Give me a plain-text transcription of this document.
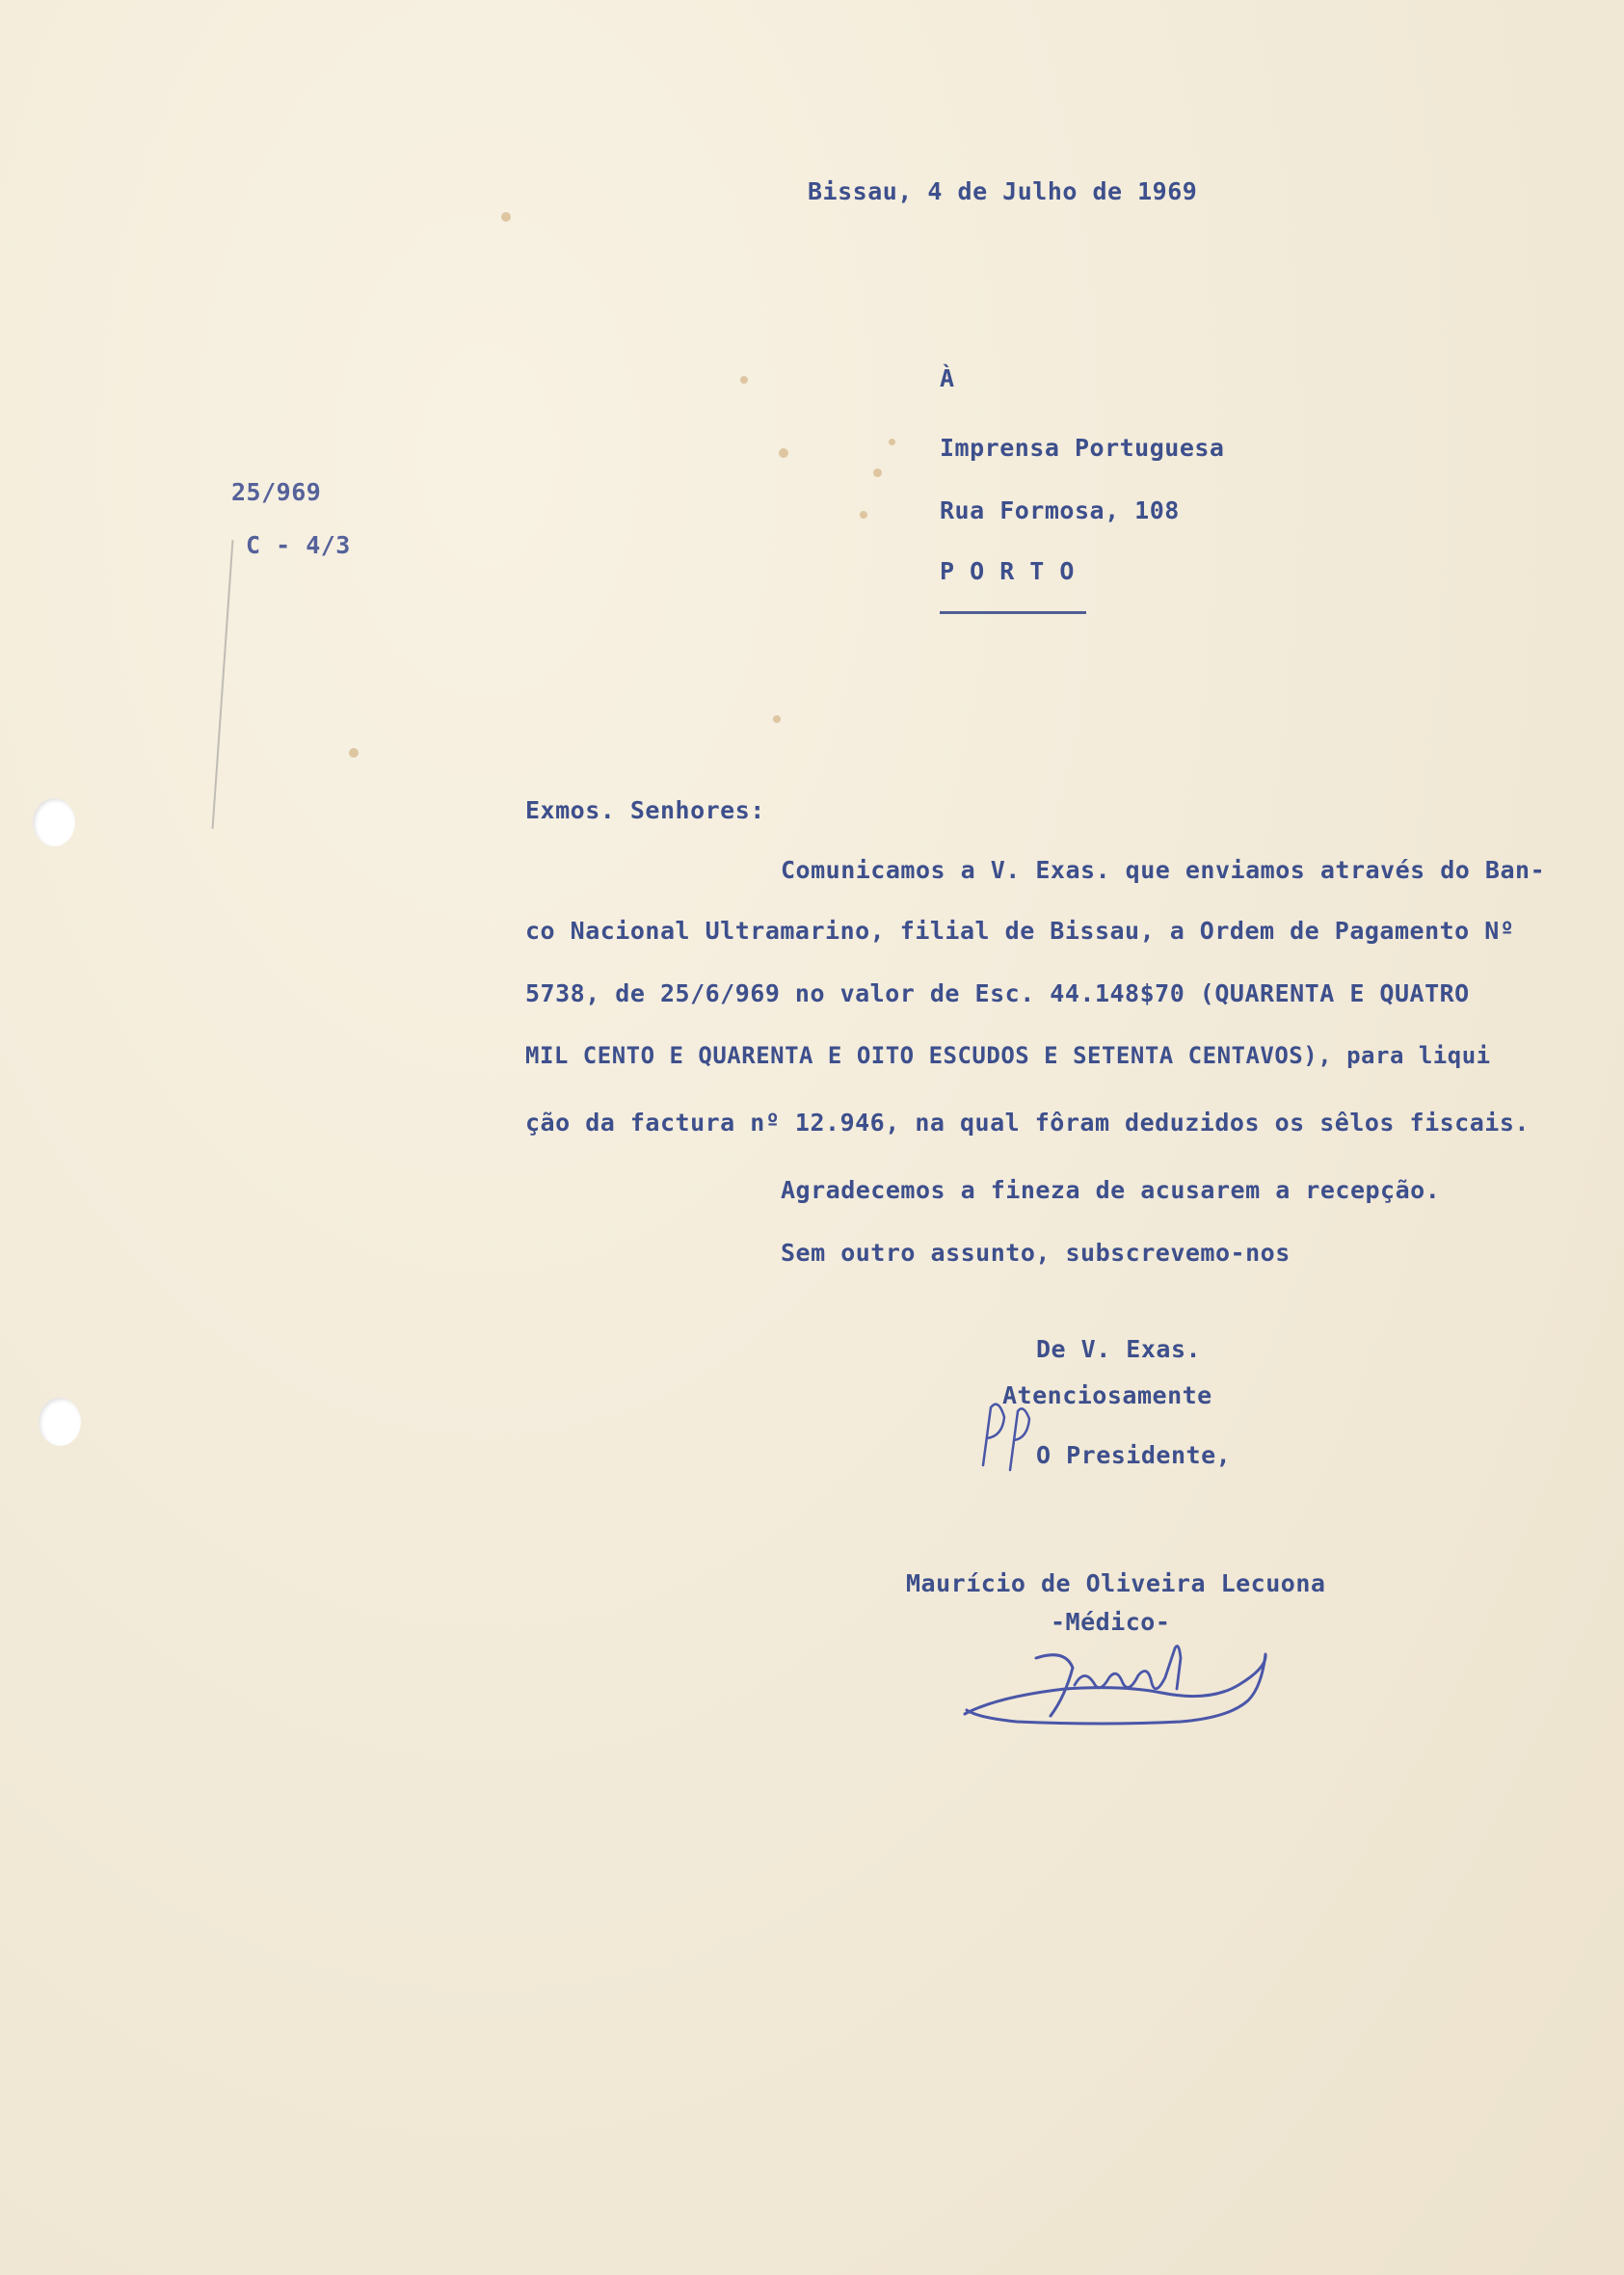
Bissau, 4 de Julho de 1969
25/969
C - 4/3
À
Imprensa Portuguesa
Rua Formosa, 108
P O R T O
Exmos. Senhores:
Comunicamos a V. Exas. que enviamos através do Ban-
co Nacional Ultramarino, filial de Bissau, a Ordem de Pagamento Nº
5738, de 25/6/969 no valor de Esc. 44.148$70 (QUARENTA E QUATRO
MIL CENTO E QUARENTA E OITO ESCUDOS E SETENTA CENTAVOS), para liqui
ção da factura nº 12.946, na qual fôram deduzidos os sêlos fiscais.
Agradecemos a fineza de acusarem a recepção.
Sem outro assunto, subscrevemo-nos
De V. Exas.
Atenciosamente
O Presidente,
Maurício de Oliveira Lecuona
-Médico-
